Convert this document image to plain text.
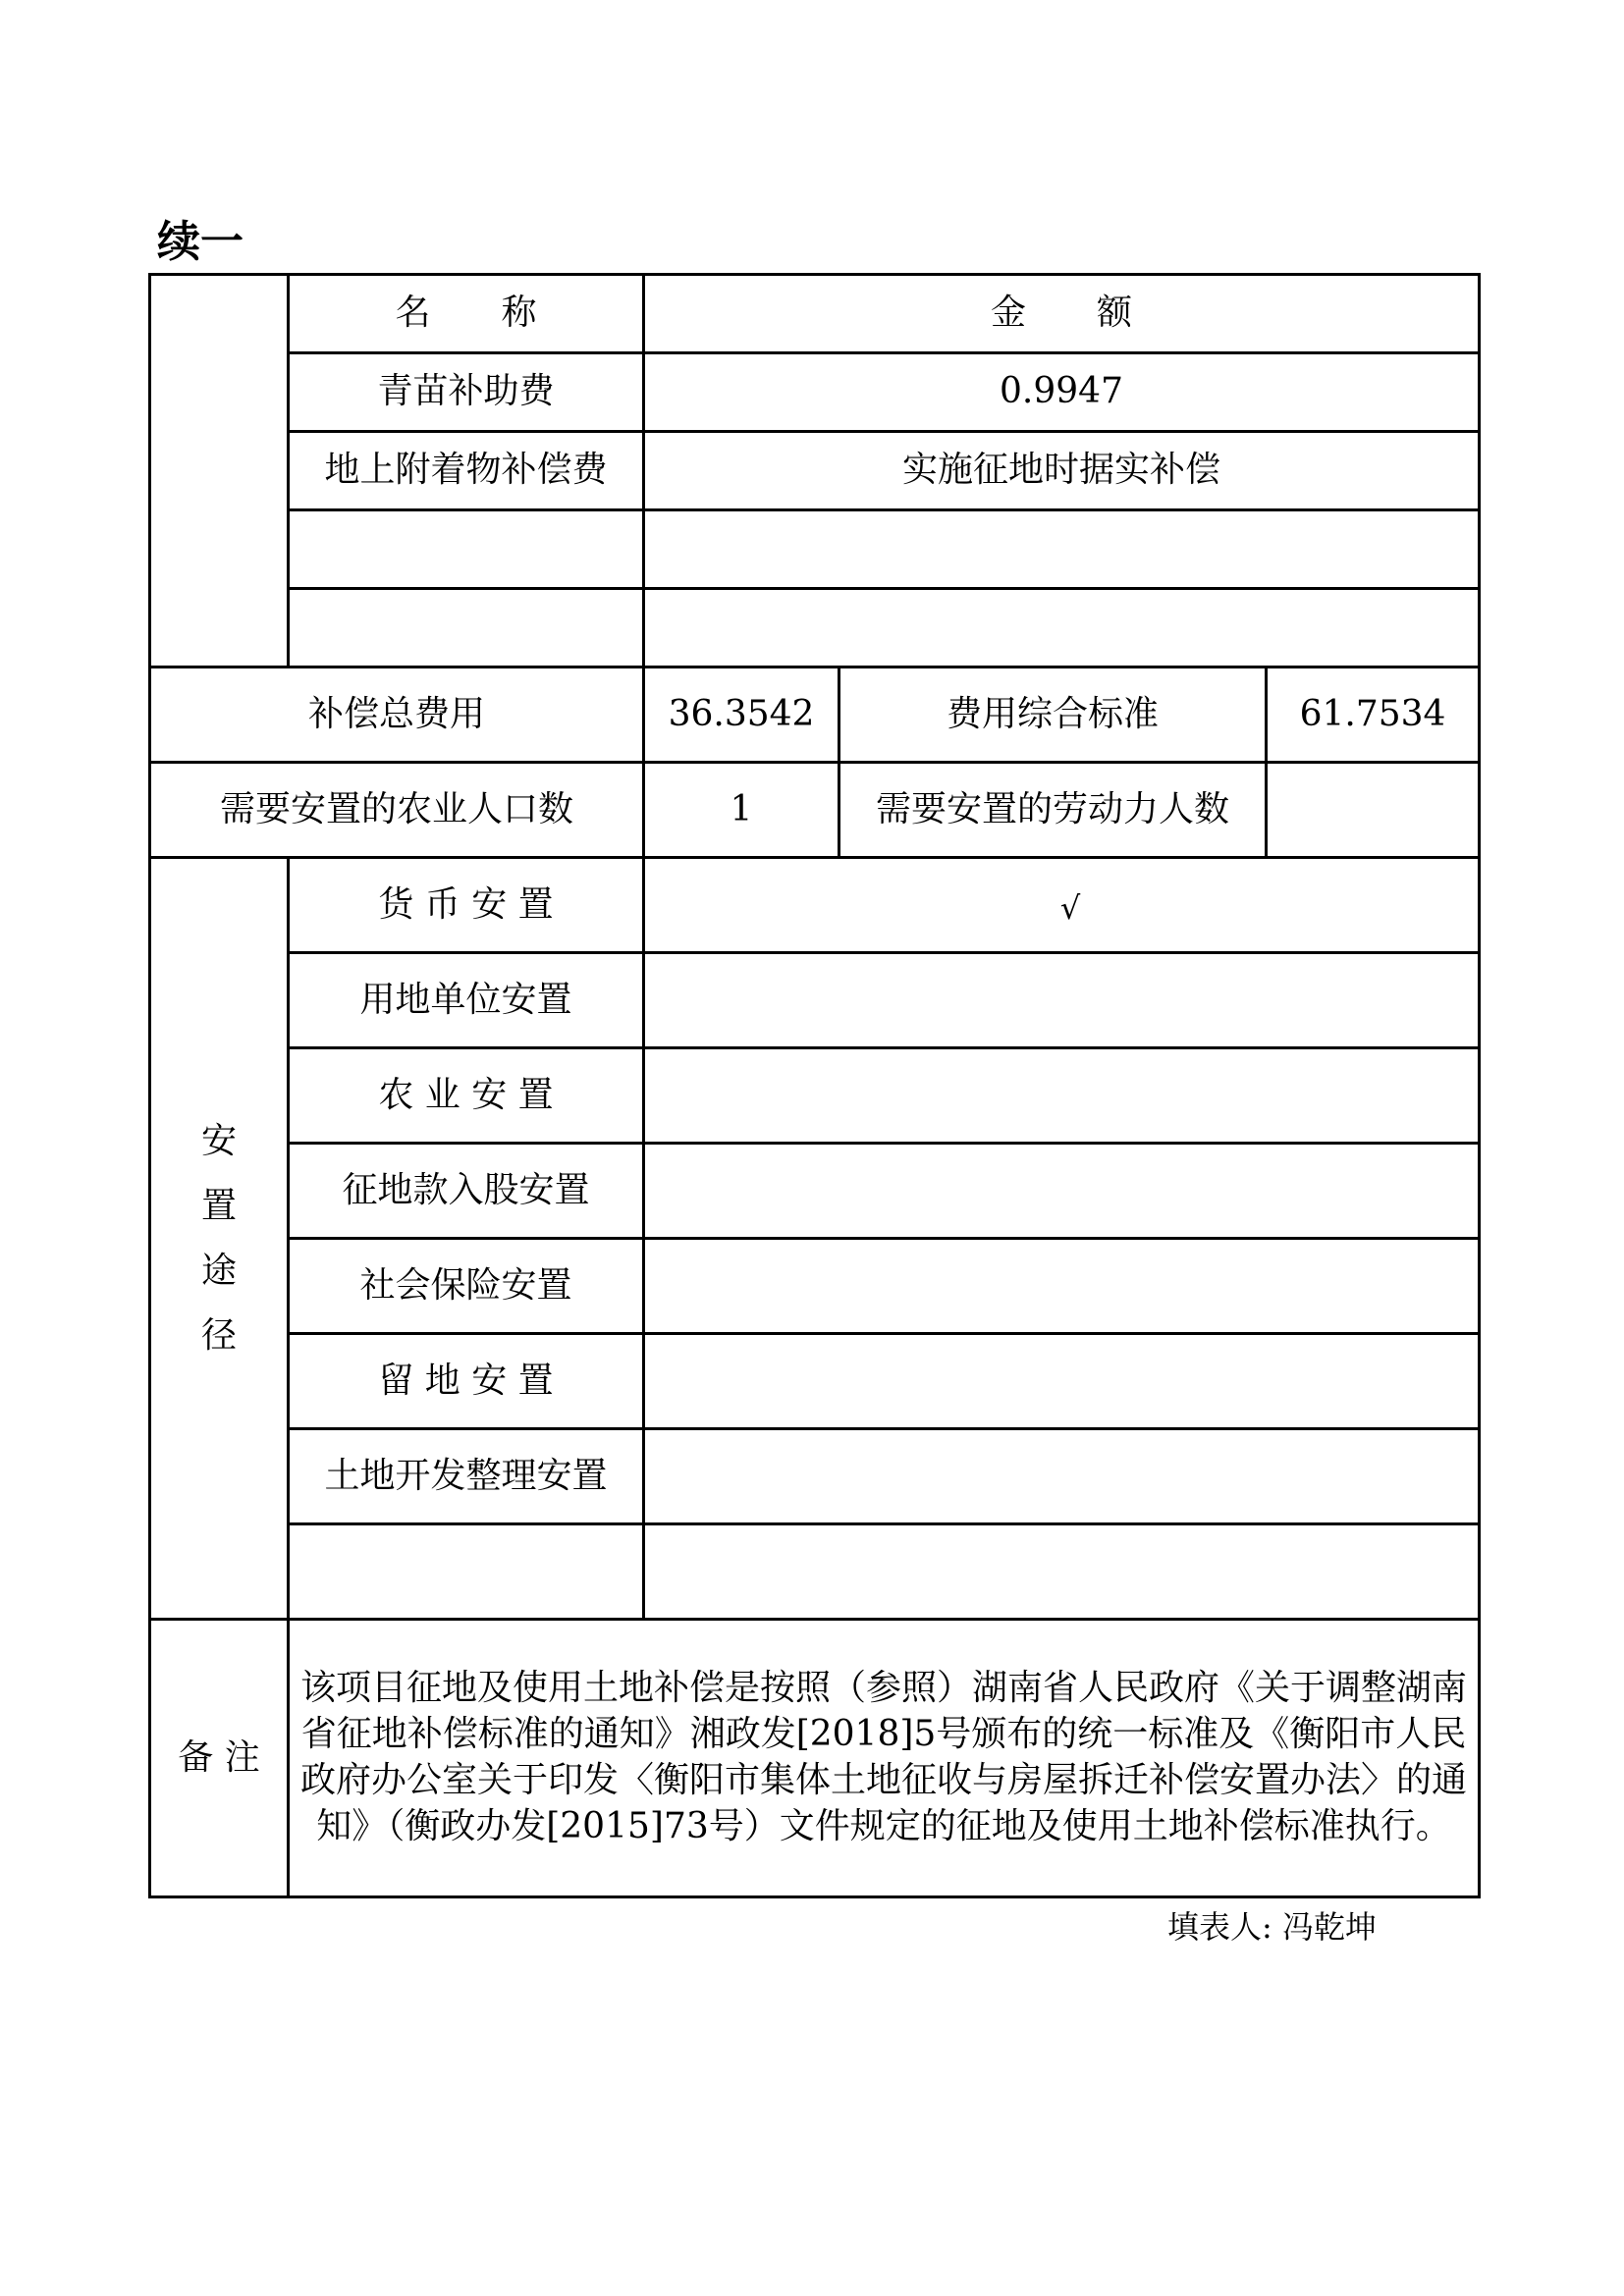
续一
	名　　称	金　　额		
	青苗补助费	0.9947		
	地上附着物补偿费	实施征地时据实补偿		

补偿总费用		36.3542	费用综合标准	61.7534
需要安置的农业人口数		1	需要安置的劳动力人数	

安
置
途
径	货 币 安 置	√		
	用地单位安置			
	农 业 安 置			
	征地款入股安置			
	社会保险安置			
	留 地 安 置			
	土地开发整理安置			

备 注	该项目征地及使用土地补偿是按照（参照）湖南省人民政府《关于调整湖南省征地补偿标准的通知》湘政发[2018]5号颁布的统一标准及《衡阳市人民政府办公室关于印发〈衡阳市集体土地征收与房屋拆迁补偿安置办法〉的通知》（衡政办发[2015]73号）文件规定的征地及使用土地补偿标准执行。			
填表人: 冯乾坤
